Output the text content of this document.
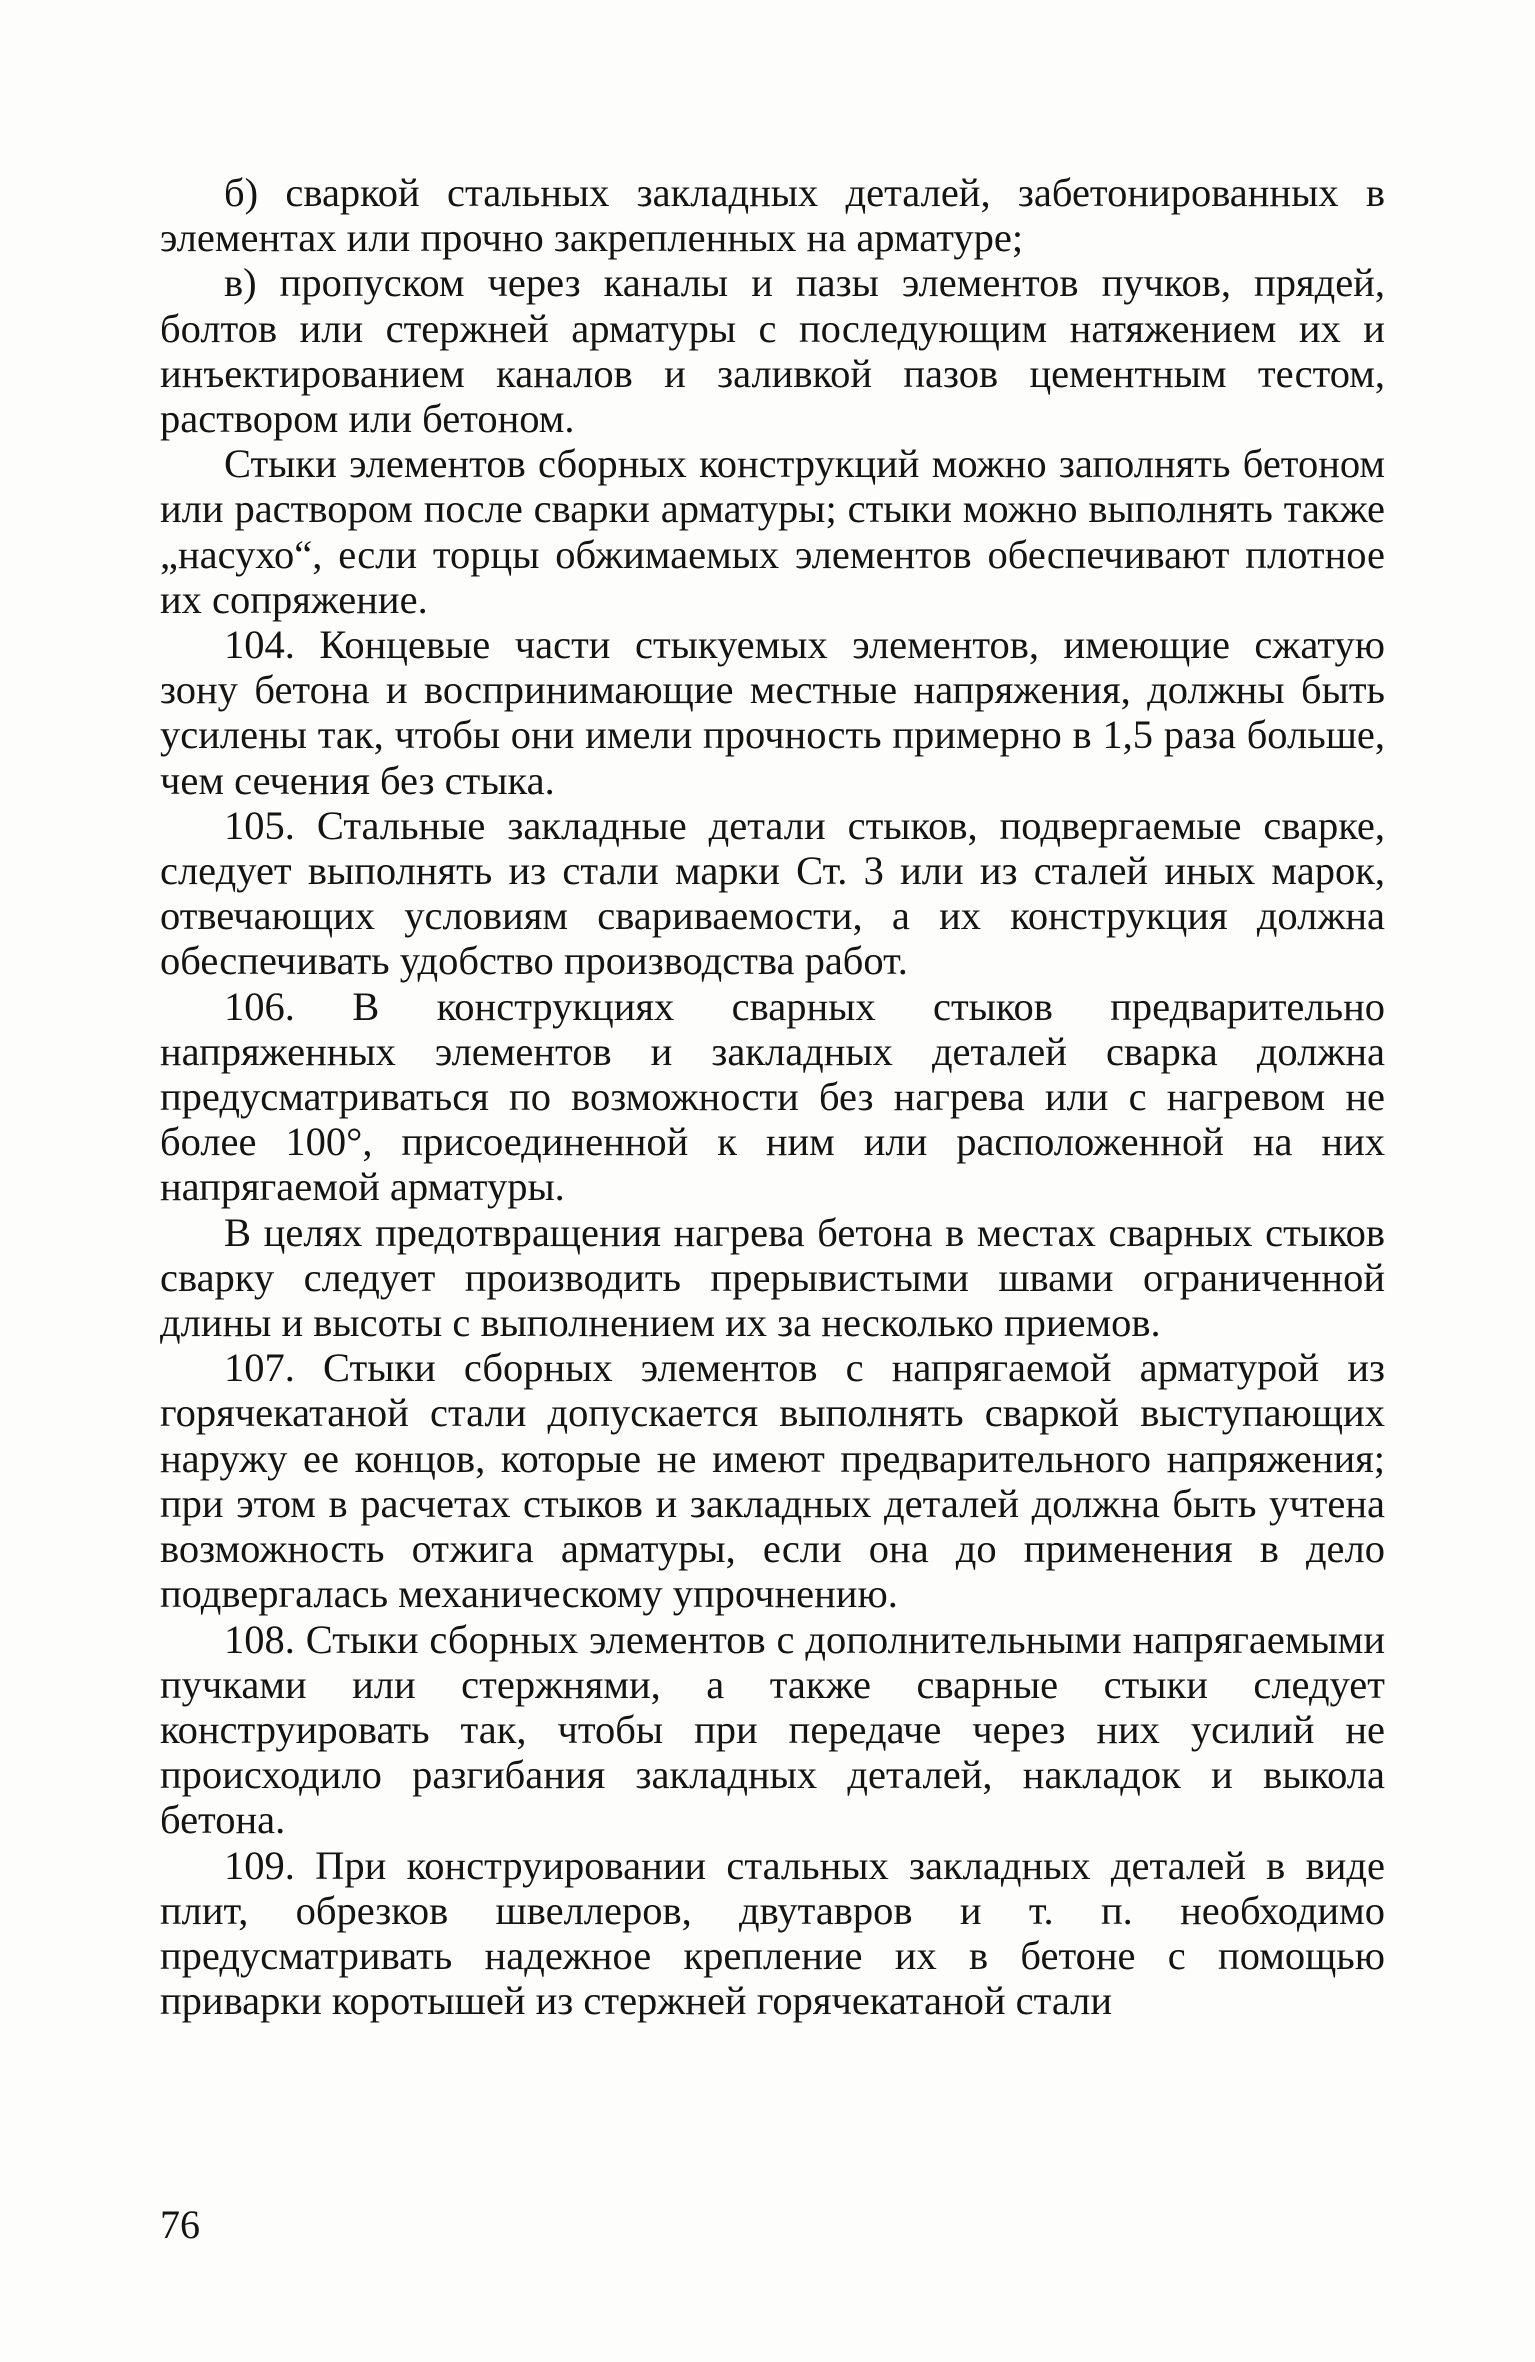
б) сваркой стальных закладных деталей, забетонированных в элементах или прочно закрепленных на арматуре;

в) пропуском через каналы и пазы элементов пучков, прядей, болтов или стержней арматуры с последующим натяжением их и инъектированием каналов и заливкой пазов цементным тестом, раствором или бетоном.

Стыки элементов сборных конструкций можно заполнять бетоном или раствором после сварки арматуры; стыки можно выполнять также „насухо“, если торцы обжимаемых элементов обеспечивают плотное их сопряжение.

104. Концевые части стыкуемых элементов, имеющие сжатую зону бетона и воспринимающие местные напряжения, должны быть усилены так, чтобы они имели прочность примерно в 1,5 раза больше, чем сечения без стыка.

105. Стальные закладные детали стыков, подвергаемые сварке, следует выполнять из стали марки Ст. 3 или из сталей иных марок, отвечающих условиям свариваемости, а их конструкция должна обеспечивать удобство производства работ.

106. В конструкциях сварных стыков предварительно напряженных элементов и закладных деталей сварка должна предусматриваться по возможности без нагрева или с нагревом не более 100°, присоединенной к ним или расположенной на них напрягаемой арматуры.

В целях предотвращения нагрева бетона в местах сварных стыков сварку следует производить прерывистыми швами ограниченной длины и высоты с выполнением их за несколько приемов.

107. Стыки сборных элементов с напрягаемой арматурой из горячекатаной стали допускается выполнять сваркой выступающих наружу ее концов, которые не имеют предварительного напряжения; при этом в расчетах стыков и закладных деталей должна быть учтена возможность отжига арматуры, если она до применения в дело подвергалась механическому упрочнению.

108. Стыки сборных элементов с дополнительными напрягаемыми пучками или стержнями, а также сварные стыки следует конструировать так, чтобы при передаче через них усилий не происходило разгибания закладных деталей, накладок и выкола бетона.

109. При конструировании стальных закладных деталей в виде плит, обрезков швеллеров, двутавров и т. п. необходимо предусматривать надежное крепление их в бетоне с помощью приварки коротышей из стержней горячекатаной стали

76
